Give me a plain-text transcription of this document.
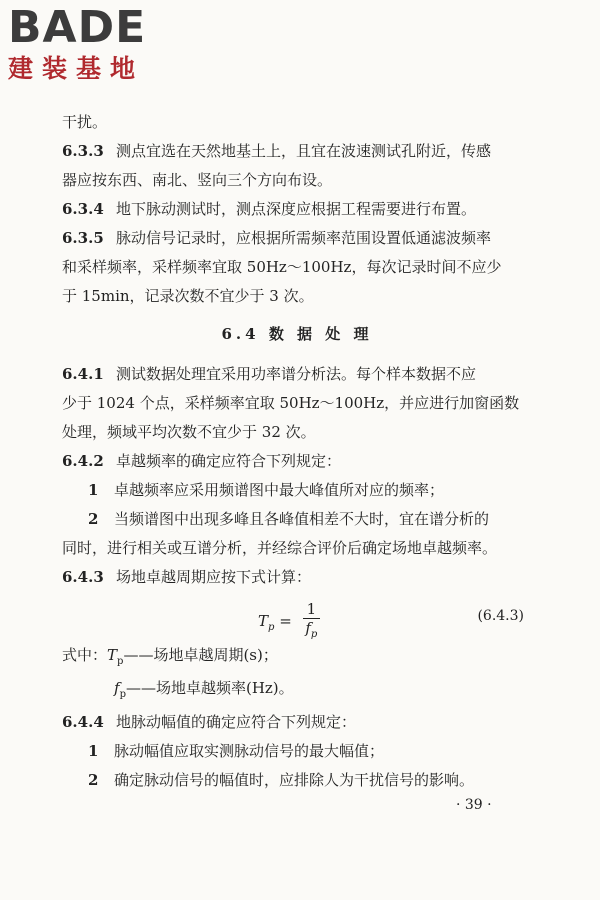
BADE
建装基地
干扰。
6.3.3 测点宜选在天然地基土上，且宜在波速测试孔附近，传感
器应按东西、南北、竖向三个方向布设。
6.3.4 地下脉动测试时，测点深度应根据工程需要进行布置。
6.3.5 脉动信号记录时，应根据所需频率范围设置低通滤波频率
和采样频率，采样频率宜取 50Hz～100Hz，每次记录时间不应少
于 15min，记录次数不宜少于 3 次。
6.4 数 据 处 理
6.4.1 测试数据处理宜采用功率谱分析法。每个样本数据不应
少于 1024 个点，采样频率宜取 50Hz～100Hz，并应进行加窗函数
处理，频域平均次数不宜少于 32 次。
6.4.2 卓越频率的确定应符合下列规定：
1 卓越频率应采用频谱图中最大峰值所对应的频率；
2 当频谱图中出现多峰且各峰值相差不大时，宜在谱分析的
同时，进行相关或互谱分析，并经综合评价后确定场地卓越频率。
6.4.3 场地卓越周期应按下式计算：
$T_p = \frac{1}{f_p}$	(6.4.3)
式中：$T_p——$场地卓越周期(s)；
$f_p——$场地卓越频率(Hz)。
6.4.4 地脉动幅值的确定应符合下列规定：
1 脉动幅值应取实测脉动信号的最大幅值；
2 确定脉动信号的幅值时，应排除人为干扰信号的影响。
· 39 ·
